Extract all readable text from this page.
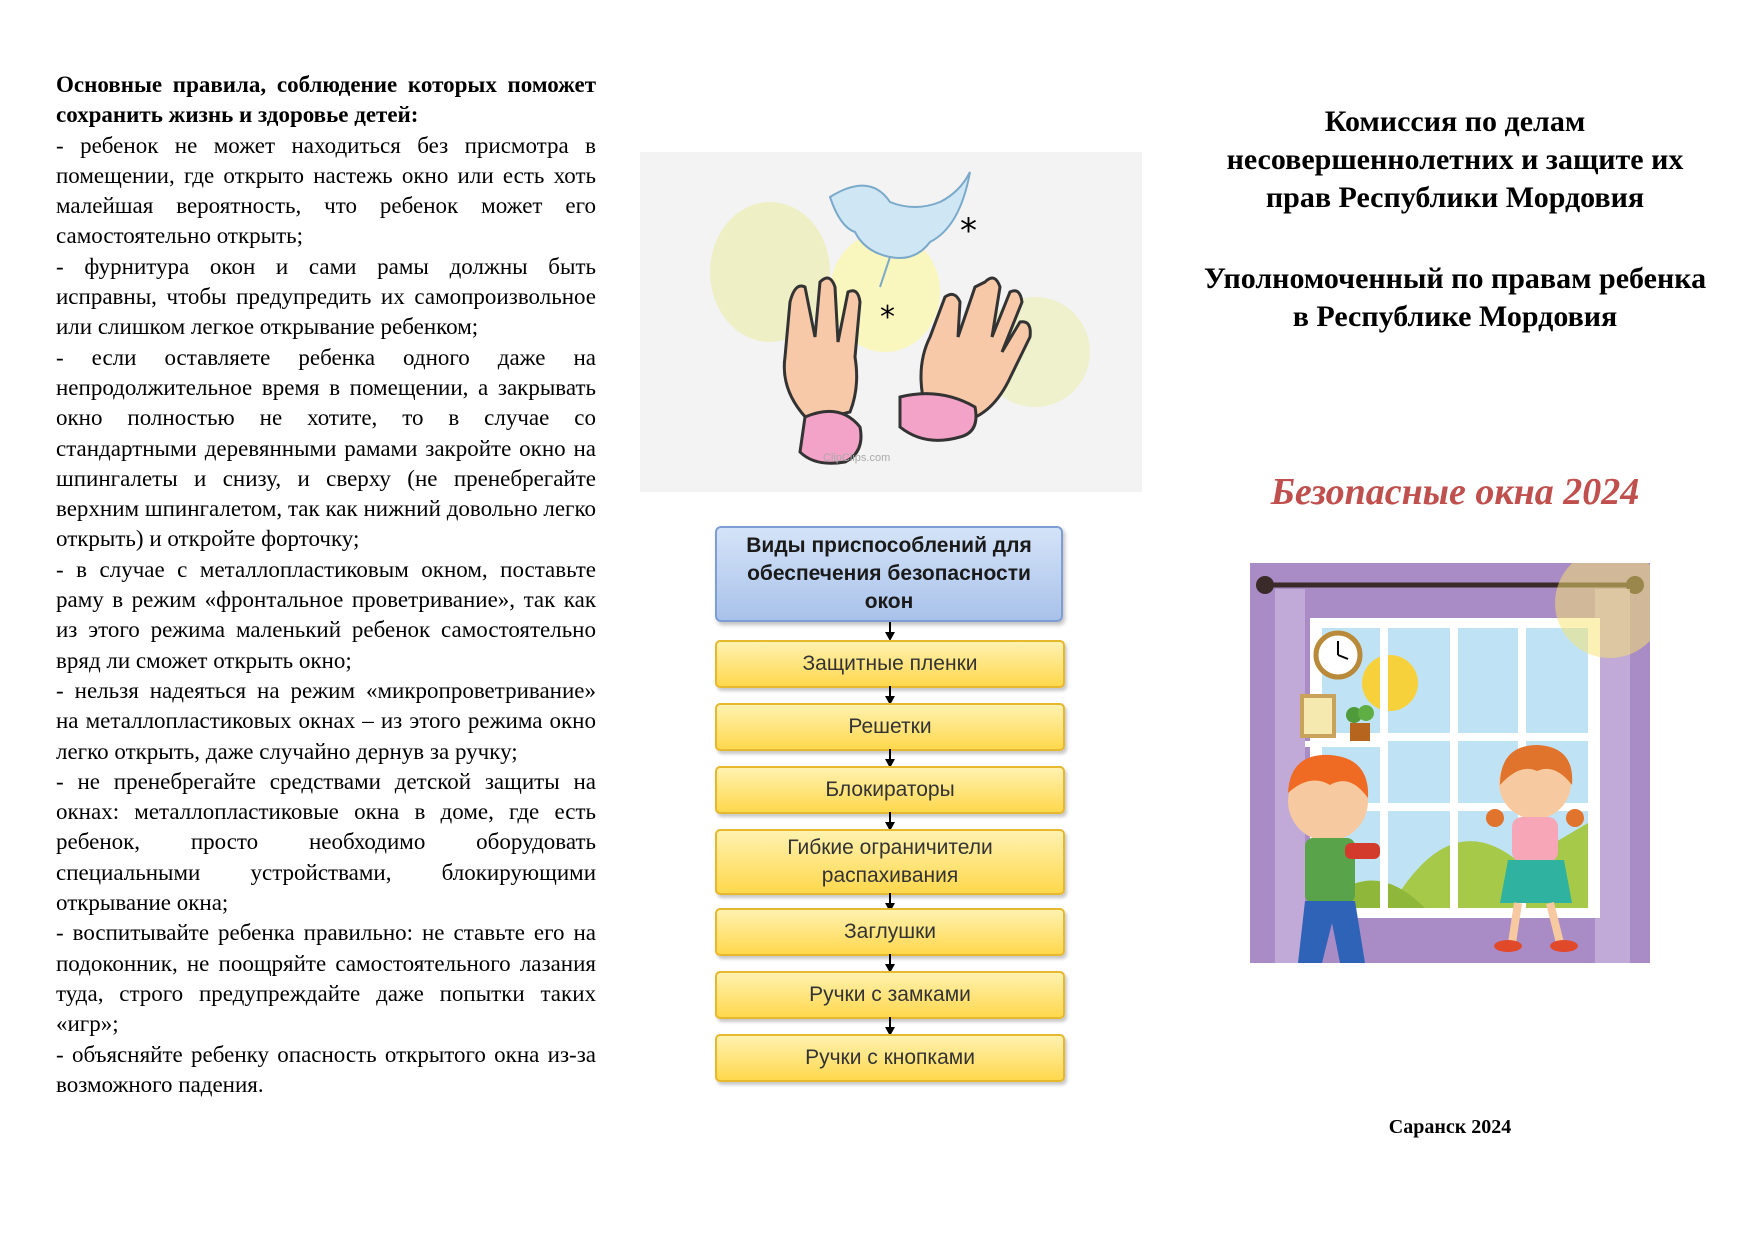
Основные правила, соблюдение которых поможет сохранить жизнь и здоровье детей:

- ребенок не может находиться без присмотра в помещении, где открыто настежь окно или есть хоть малейшая вероятность, что ребенок может его самостоятельно открыть;

- фурнитура окон и сами рамы должны быть исправны, чтобы предупредить их самопроизвольное или слишком легкое открывание ребенком;

- если оставляете ребенка одного даже на непродолжительное время в помещении, а закрывать окно полностью не хотите, то в случае со стандартными деревянными рамами закройте окно на шпингалеты и снизу, и сверху (не пренебрегайте верхним шпингалетом, так как нижний довольно легко открыть) и откройте форточку;

- в случае с металлопластиковым окном, поставьте раму в режим «фронтальное проветривание», так как из этого режима маленький ребенок самостоятельно вряд ли сможет открыть окно;

- нельзя надеяться на режим «микропроветривание» на металлопластиковых окнах – из этого режима окно легко открыть, даже случайно дернув за ручку;

- не пренебрегайте средствами детской защиты на окнах: металлопластиковые окна в доме, где есть ребенок, просто необходимо оборудовать специальными устройствами, блокирующими открывание окна;

- воспитывайте ребенка правильно: не ставьте его на подоконник, не поощряйте самостоятельного лазания туда, строго предупреждайте даже попытки таких «игр»;

- объясняйте ребенку опасность открытого окна из-за возможного падения.

*
*
ClipClips.com
Виды приспособлений для обеспечения безопасности окон
Защитные пленки
Решетки
Блокираторы
Гибкие ограничители распахивания
Заглушки
Ручки с замками
Ручки с кнопками
Комиссия по делам несовершеннолетних и защите их прав Республики Мордовия
Уполномоченный по правам ребенка в Республике Мордовия
Безопасные окна 2024
Саранск 2024
